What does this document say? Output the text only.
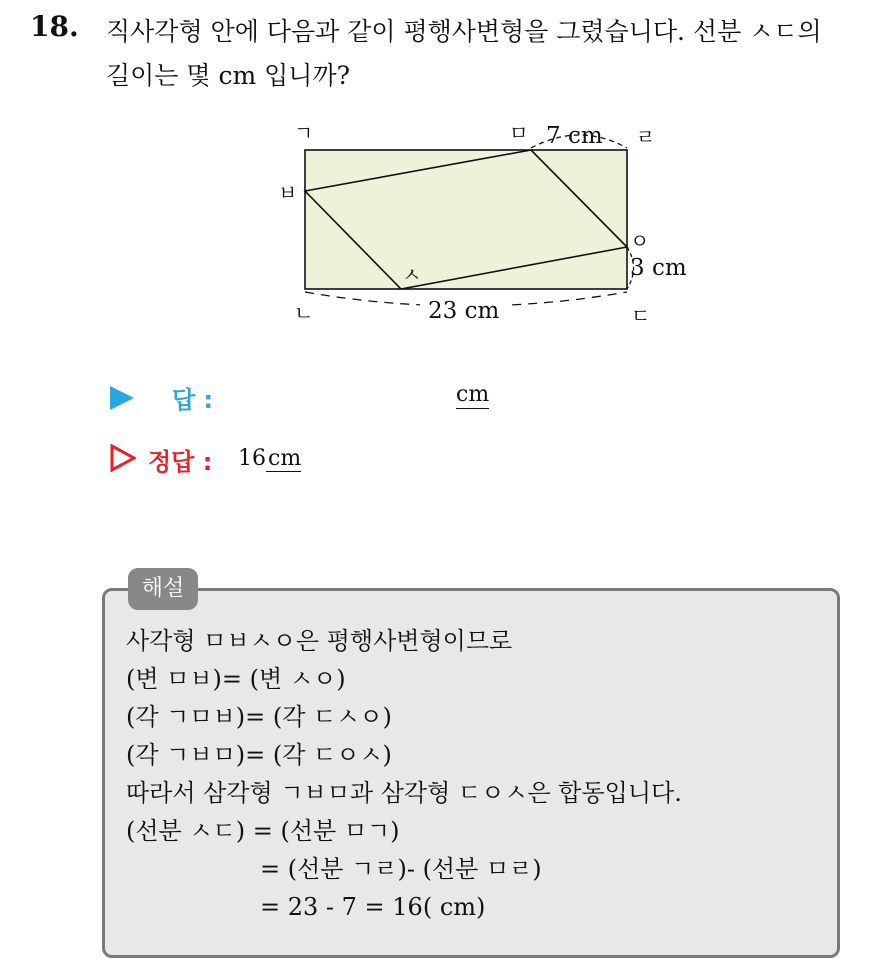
18. 직사각형 안에 다음과 같이 평행사변형을 그렸습니다. 선분 ㅅㄷ의
길이는 몇 cm 입니까?
ㄱ	ㅁ	ㄹ
ㅂ
ㅇ
ㅅ
ㄴ	ㄷ
7 cm
3 cm
23 cm
답 :	cm
정답 : 16cm
해설
사각형 ㅁㅂㅅㅇ은 평행사변형이므로
(변 ㅁㅂ)= (변 ㅅㅇ)
(각 ㄱㅁㅂ)= (각 ㄷㅅㅇ)
(각 ㄱㅂㅁ)= (각 ㄷㅇㅅ)
따라서 삼각형 ㄱㅂㅁ과 삼각형 ㄷㅇㅅ은 합동입니다.
(선분 ㅅㄷ) = (선분 ㅁㄱ)
= (선분 ㄱㄹ)- (선분 ㅁㄹ)
= 23 - 7 = 16( cm)
